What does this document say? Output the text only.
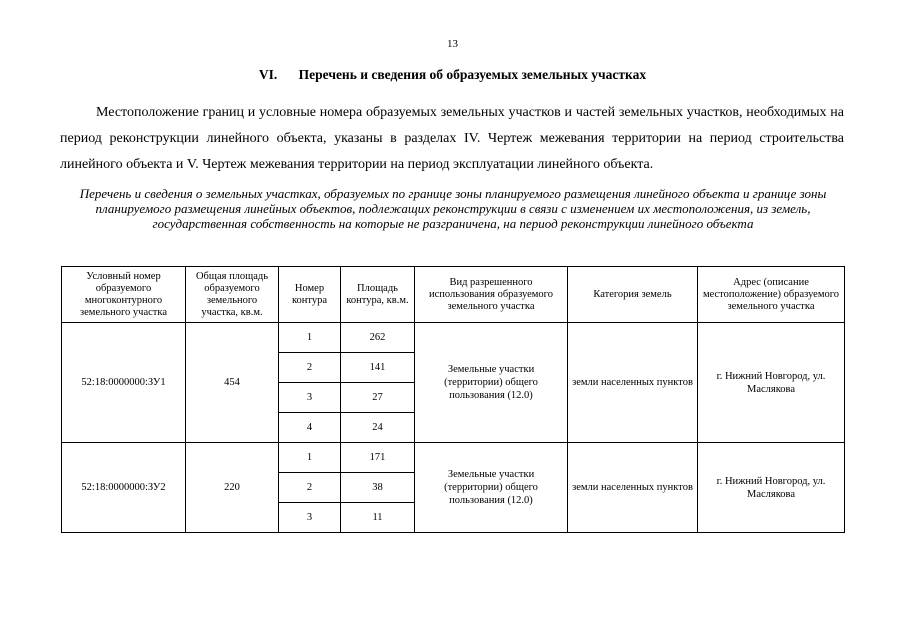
13
VI. Перечень и сведения об образуемых земельных участках

Местоположение границ и условные номера образуемых земельных участков и частей земельных участков, необходимых на период реконструкции линейного объекта, указаны в разделах IV. Чертеж межевания территории на период строительства линейного объекта и V. Чертеж межевания территории на период эксплуатации линейного объекта.

Перечень и сведения о земельных участках, образуемых по границе зоны планируемого размещения линейного объекта и границе зоны планируемого размещения линейных объектов, подлежащих реконструкции в связи с изменением их местоположения, из земель, государственная собственность на которые не разграничена, на период реконструкции линейного объекта

Условный номер образуемого многоконтурного земельного участка	Общая площадь образуемого земельного участка, кв.м.	Номер контура	Площадь контура, кв.м.	Вид разрешенного использования образуемого земельного участка	Категория земель	Адрес (описание местоположение) образуемого земельного участка
52:18:0000000:ЗУ1	454	1	262	Земельные участки (территории) общего пользования (12.0)	земли населенных пунктов	г. Нижний Новгород, ул. Маслякова
		2	141			
		3	27			
		4	24			
52:18:0000000:ЗУ2	220	1	171	Земельные участки (территории) общего пользования (12.0)	земли населенных пунктов	г. Нижний Новгород, ул. Маслякова
		2	38			
		3	11			
